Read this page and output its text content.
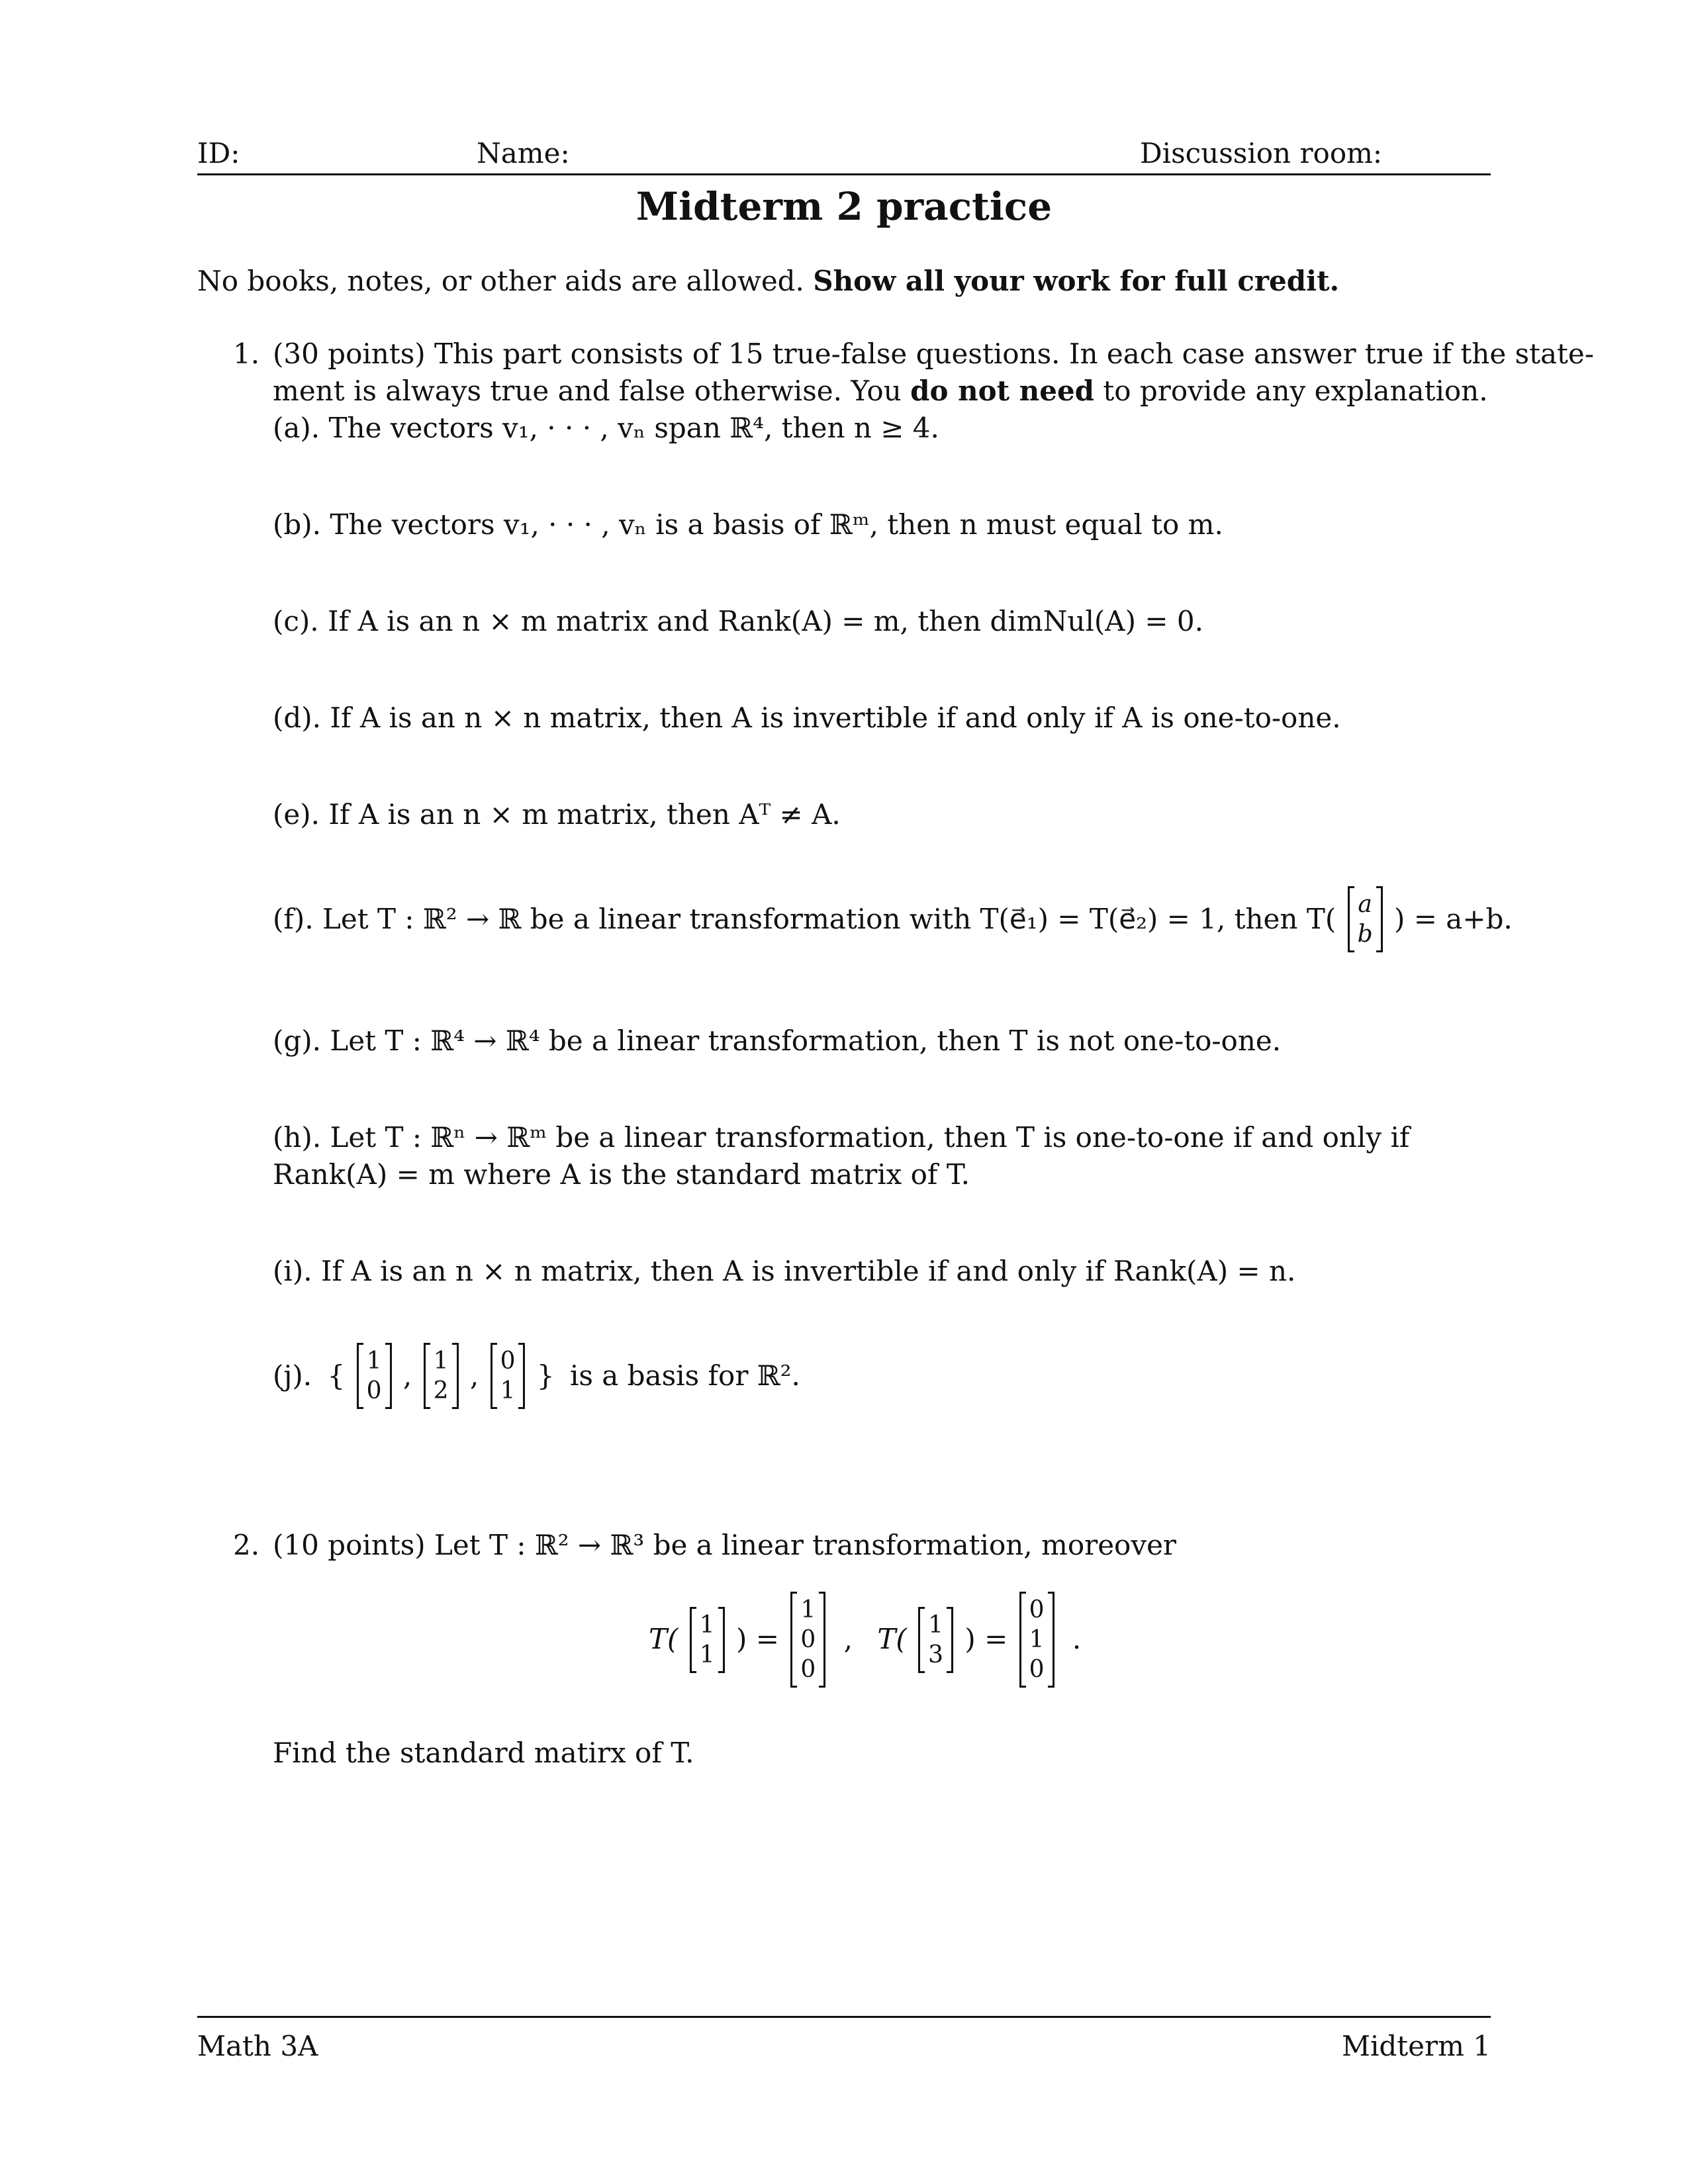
ID:	Name:	Discussion room:
Midterm 2 practice
No books, notes, or other aids are allowed. Show all your work for full credit.
1. (30 points) This part consists of 15 true-false questions. In each case answer true if the state-
ment is always true and false otherwise. You do not need to provide any explanation.
(a). The vectors v₁, · · · , vₙ span ℝ⁴, then n ≥ 4.
(b). The vectors v₁, · · · , vₙ is a basis of ℝᵐ, then n must equal to m.
(c). If A is an n × m matrix and Rank(A) = m, then dimNul(A) = 0.
(d). If A is an n × n matrix, then A is invertible if and only if A is one-to-one.
(e). If A is an n × m matrix, then Aᵀ ≠ A.
(f). Let T : ℝ² → ℝ be a linear transformation with T(e⃗₁) = T(e⃗₂) = 1, then T( a
b ) = a+b.
(g). Let T : ℝ⁴ → ℝ⁴ be a linear transformation, then T is not one-to-one.
(h). Let T : ℝⁿ → ℝᵐ be a linear transformation, then T is one-to-one if and only if
Rank(A) = m where A is the standard matrix of T.
(i). If A is an n × n matrix, then A is invertible if and only if Rank(A) = n.
(j). { 1
0 , 1
2 , 0
1 } is a basis for ℝ².
2. (10 points) Let T : ℝ² → ℝ³ be a linear transformation, moreover
T( 1
1 ) =
1
0
0
, T( 1
3 ) =
0
1
0
.
Find the standard matirx of T.
Math 3A	Midterm 1
